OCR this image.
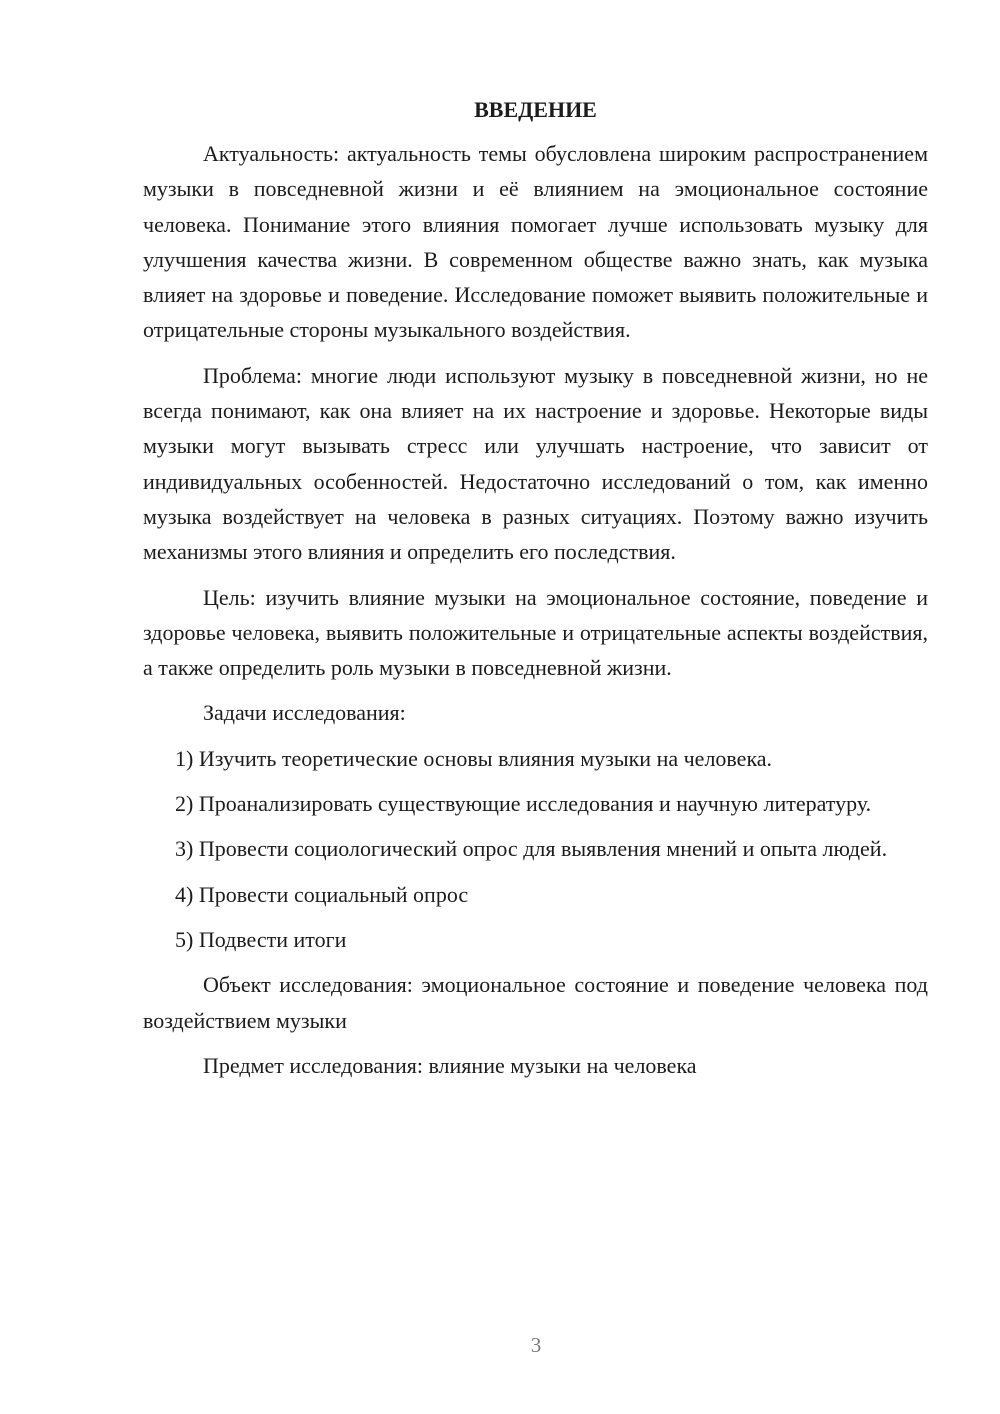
ВВЕДЕНИЕ

Актуальность: актуальность темы обусловлена широким распространением музыки в повседневной жизни и её влиянием на эмоциональное состояние человека. Понимание этого влияния помогает лучше использовать музыку для улучшения качества жизни. В современном обществе важно знать, как музыка влияет на здоровье и поведение. Исследование поможет выявить положительные и отрицательные стороны музыкального воздействия.

Проблема: многие люди используют музыку в повседневной жизни, но не всегда понимают, как она влияет на их настроение и здоровье. Некоторые виды музыки могут вызывать стресс или улучшать настроение, что зависит от индивидуальных особенностей. Недостаточно исследований о том, как именно музыка воздействует на человека в разных ситуациях. Поэтому важно изучить механизмы этого влияния и определить его последствия.

Цель: изучить влияние музыки на эмоциональное состояние, поведение и здоровье человека, выявить положительные и отрицательные аспекты воздействия, а также определить роль музыки в повседневной жизни.

Задачи исследования:

1) Изучить теоретические основы влияния музыки на человека.

2) Проанализировать существующие исследования и научную литературу.

3) Провести социологический опрос для выявления мнений и опыта людей.

4) Провести социальный опрос

5) Подвести итоги

Объект исследования: эмоциональное состояние и поведение человека под воздействием музыки

Предмет исследования: влияние музыки на человека

3
